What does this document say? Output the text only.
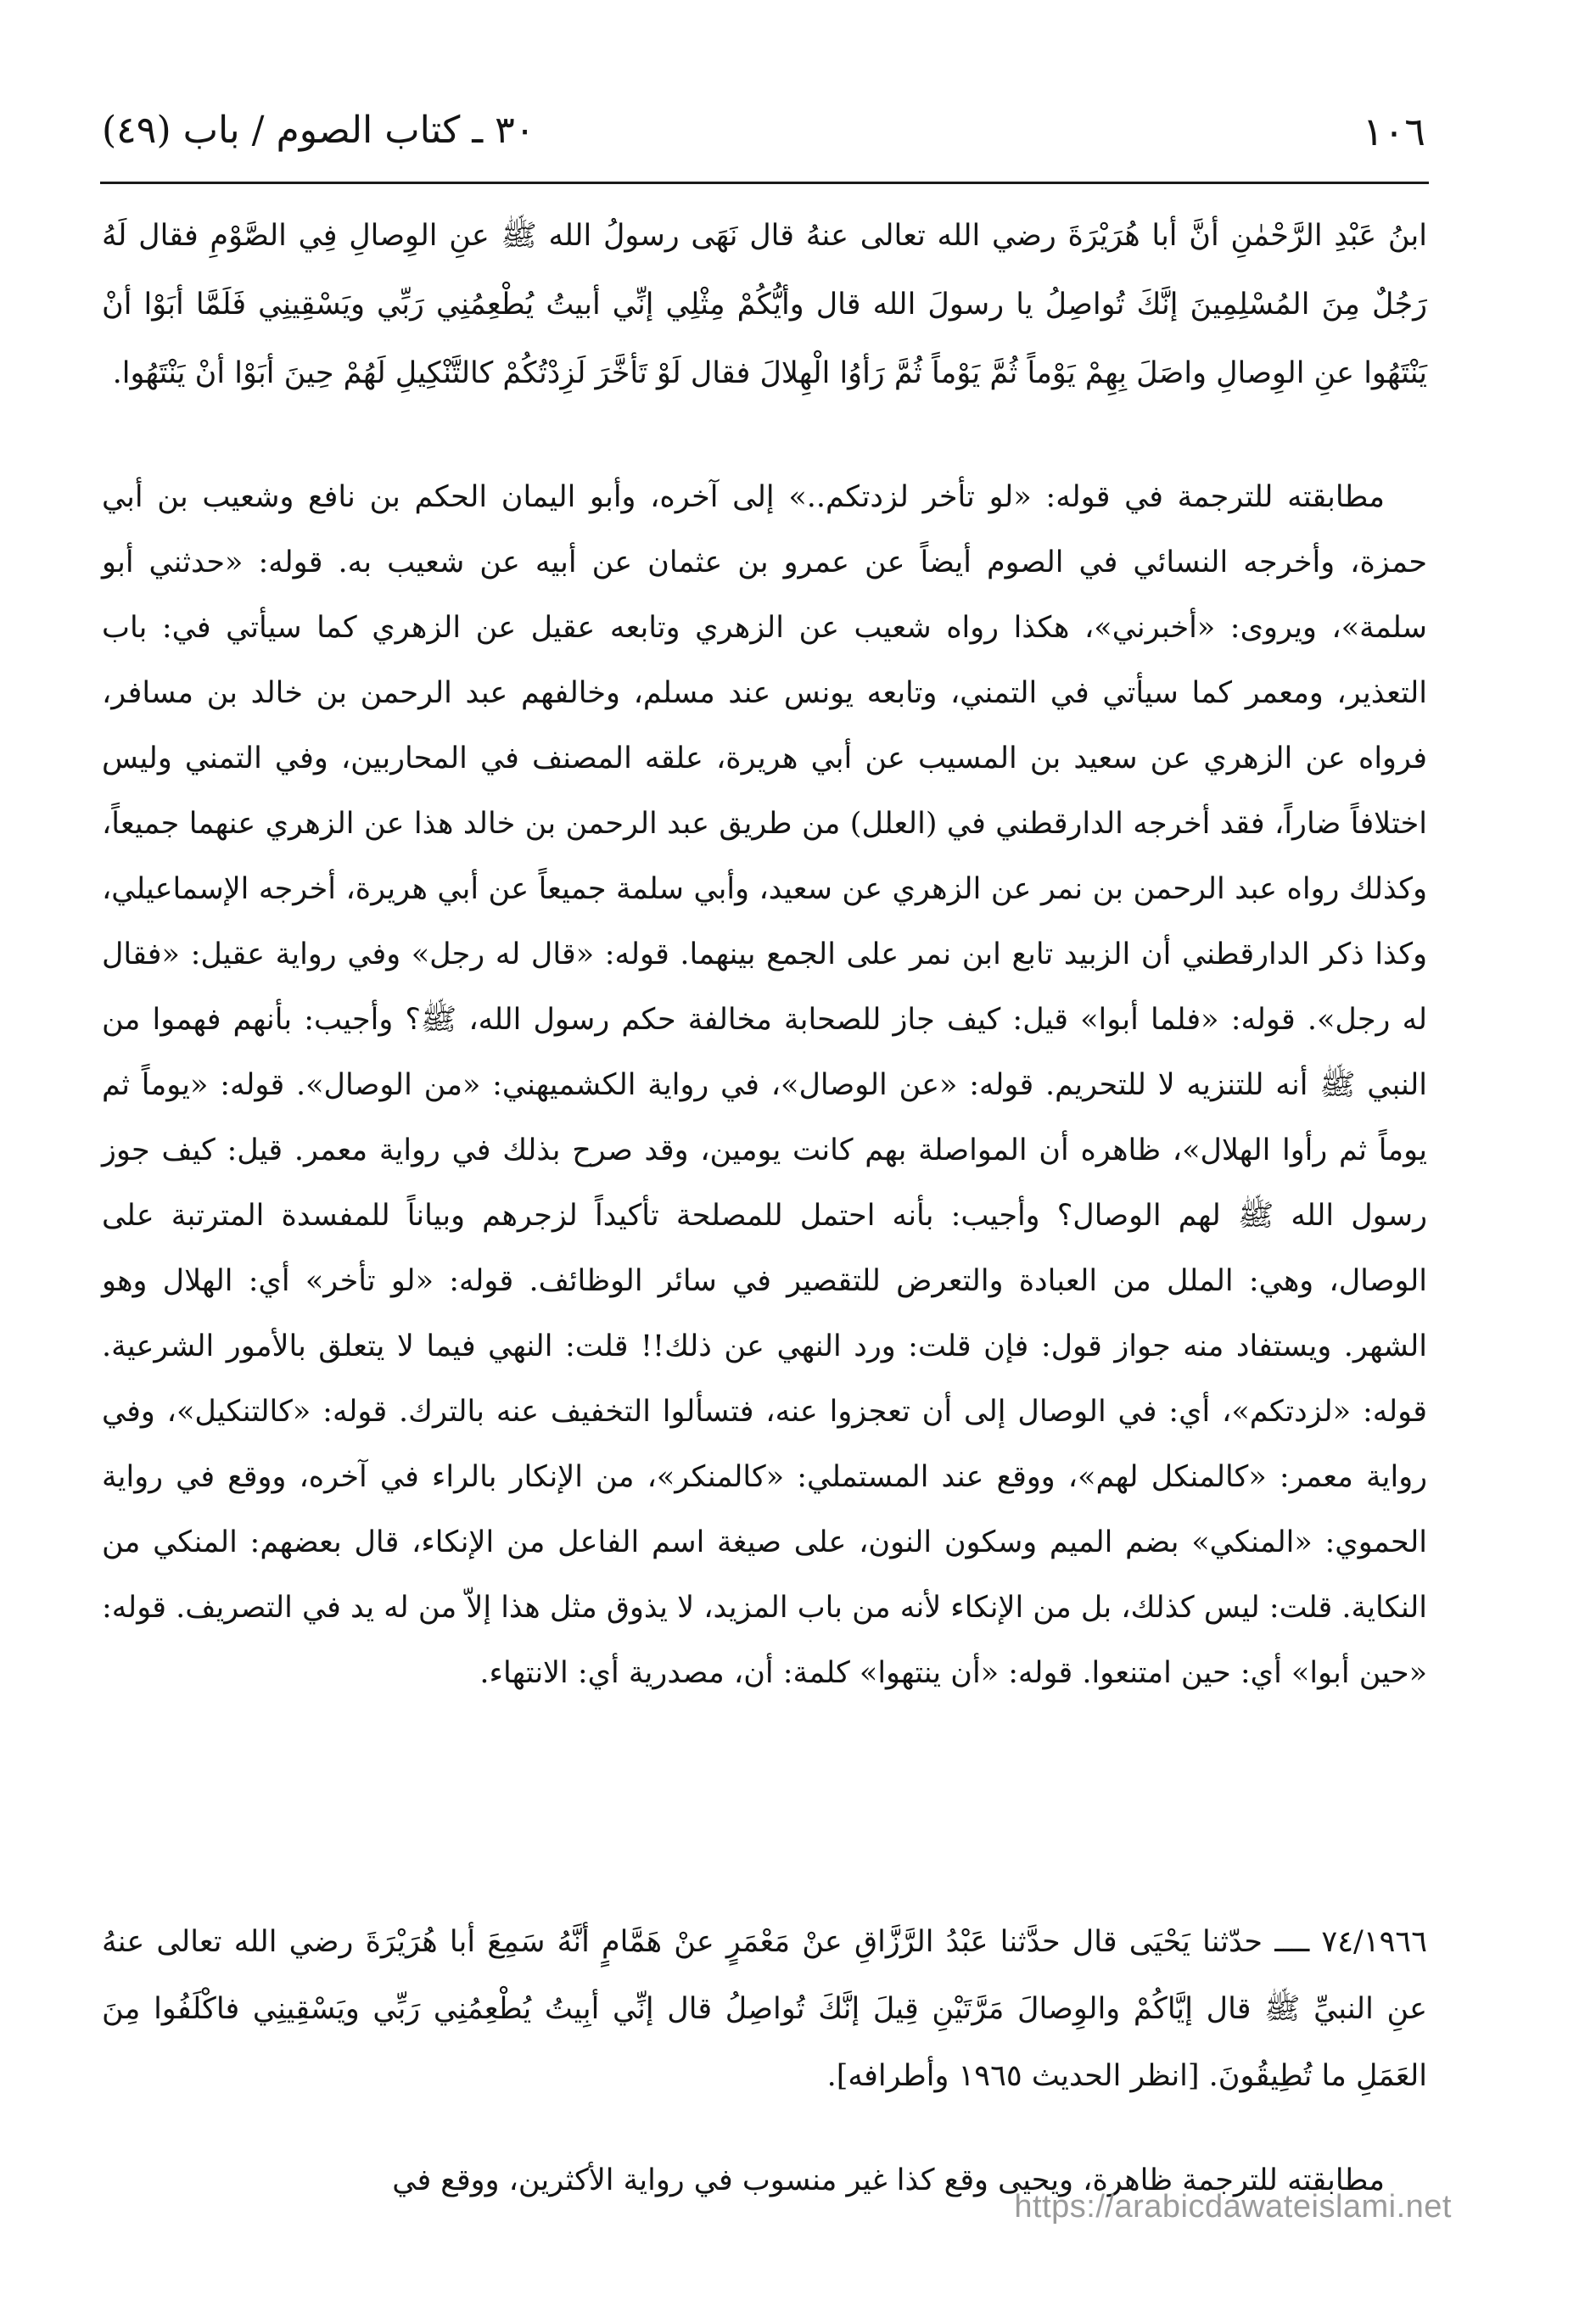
١٠٦
٣٠ ـ كتاب الصوم / باب (٤٩)

ابنُ عَبْدِ الرَّحْمٰنِ أنَّ أبا هُرَيْرَةَ رضي الله تعالى عنهُ قال نَهَى رسولُ الله ﷺ عنِ الوِصالِ فِي الصَّوْمِ فقال لَهُ رَجُلٌ مِنَ المُسْلِمِينَ إنَّكَ تُواصِلُ يا رسولَ الله قال وأيُّكُمْ مِثْلِي إنِّي أبيتُ يُطْعِمُنِي رَبِّي ويَسْقِينِي فَلَمَّا أبَوْا أنْ يَنْتَهُوا عنِ الوِصالِ واصَلَ بِهِمْ يَوْماً ثُمَّ يَوْماً ثُمَّ رَأوُا الْهِلالَ فقال لَوْ تَأخَّرَ لَزِدْتُكُمْ كالتَّنْكِيلِ لَهُمْ حِينَ أبَوْا أنْ يَنْتَهُوا.

مطابقته للترجمة في قوله: «لو تأخر لزدتكم..» إلى آخره، وأبو اليمان الحكم بن نافع وشعيب بن أبي حمزة، وأخرجه النسائي في الصوم أيضاً عن عمرو بن عثمان عن أبيه عن شعيب به. قوله: «حدثني أبو سلمة»، ويروى: «أخبرني»، هكذا رواه شعيب عن الزهري وتابعه عقيل عن الزهري كما سيأتي في: باب التعذير، ومعمر كما سيأتي في التمني، وتابعه يونس عند مسلم، وخالفهم عبد الرحمن بن خالد بن مسافر، فرواه عن الزهري عن سعيد بن المسيب عن أبي هريرة، علقه المصنف في المحاربين، وفي التمني وليس اختلافاً ضاراً، فقد أخرجه الدارقطني في (العلل) من طريق عبد الرحمن بن خالد هذا عن الزهري عنهما جميعاً، وكذلك رواه عبد الرحمن بن نمر عن الزهري عن سعيد، وأبي سلمة جميعاً عن أبي هريرة، أخرجه الإسماعيلي، وكذا ذكر الدارقطني أن الزبيد تابع ابن نمر على الجمع بينهما. قوله: «قال له رجل» وفي رواية عقيل: «فقال له رجل». قوله: «فلما أبوا» قيل: كيف جاز للصحابة مخالفة حكم رسول الله، ﷺ؟ وأجيب: بأنهم فهموا من النبي ﷺ أنه للتنزيه لا للتحريم. قوله: «عن الوصال»، في رواية الكشميهني: «من الوصال». قوله: «يوماً ثم يوماً ثم رأوا الهلال»، ظاهره أن المواصلة بهم كانت يومين، وقد صرح بذلك في رواية معمر. قيل: كيف جوز رسول الله ﷺ لهم الوصال؟ وأجيب: بأنه احتمل للمصلحة تأكيداً لزجرهم وبياناً للمفسدة المترتبة على الوصال، وهي: الملل من العبادة والتعرض للتقصير في سائر الوظائف. قوله: «لو تأخر» أي: الهلال وهو الشهر. ويستفاد منه جواز قول: فإن قلت: ورد النهي عن ذلك!! قلت: النهي فيما لا يتعلق بالأمور الشرعية. قوله: «لزدتكم»، أي: في الوصال إلى أن تعجزوا عنه، فتسألوا التخفيف عنه بالترك. قوله: «كالتنكيل»، وفي رواية معمر: «كالمنكل لهم»، ووقع عند المستملي: «كالمنكر»، من الإنكار بالراء في آخره، ووقع في رواية الحموي: «المنكي» بضم الميم وسكون النون، على صيغة اسم الفاعل من الإنكاء، قال بعضهم: المنكي من النكاية. قلت: ليس كذلك، بل من الإنكاء لأنه من باب المزيد، لا يذوق مثل هذا إلاّ من له يد في التصريف. قوله: «حين أبوا» أي: حين امتنعوا. قوله: «أن ينتهوا» كلمة: أن، مصدرية أي: الانتهاء.

٧٤/١٩٦٦ ــــ حدّثنا يَحْيَى قال حدَّثنا عَبْدُ الرَّزَّاقِ عنْ مَعْمَرٍ عنْ هَمَّامٍ أنَّهُ سَمِعَ أبا هُرَيْرَةَ رضي الله تعالى عنهُ عنِ النبيِّ ﷺ قال إيَّاكُمْ والوِصالَ مَرَّتَيْنِ قِيلَ إنَّكَ تُواصِلُ قال إنِّي أبِيتُ يُطْعِمُنِي رَبِّي ويَسْقِينِي فاكْلَفُوا مِنَ العَمَلِ ما تُطِيقُونَ. [انظر الحديث ١٩٦٥ وأطرافه].

مطابقته للترجمة ظاهرة، ويحيى وقع كذا غير منسوب في رواية الأكثرين، ووقع في

https://arabicdawateislami.net
